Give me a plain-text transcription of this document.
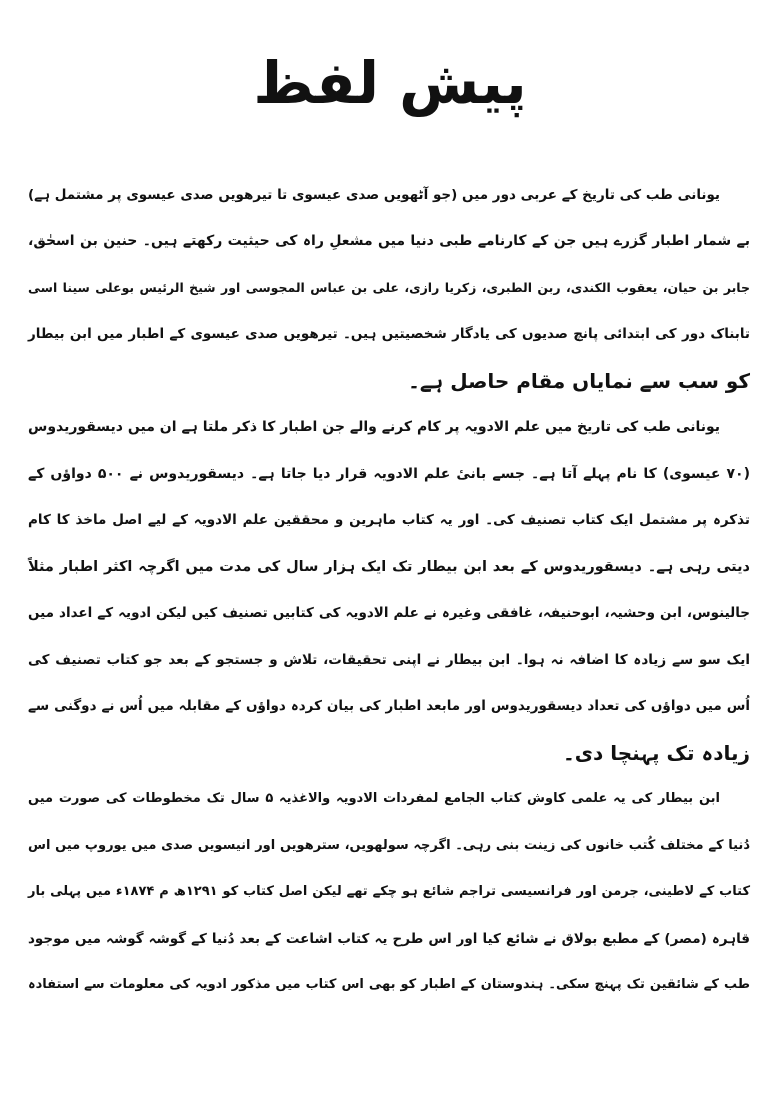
پیش لفظ
یونانی طب کی تاریخ کے عربی دور میں (جو آٹھویں صدی عیسوی تا تیرھویں صدی عیسوی پر مشتمل ہے)
بے شمار اطبار گزرے ہیں جن کے کارنامے طبی دنیا میں مشعلِ راہ کی حیثیت رکھتے ہیں۔ حنین بن اسحٰق،
جابر بن حیان، یعقوب الکندی، ربن الطبری، زکریا رازی، علی بن عباس المجوسی اور شیخ الرئیس بوعلی سینا اسی
تابناک دور کی ابتدائی پانچ صدیوں کی یادگار شخصیتیں ہیں۔ تیرھویں صدی عیسوی کے اطبار میں ابن بیطار
کو سب سے نمایاں مقام حاصل ہے۔
یونانی طب کی تاریخ میں علم الادویہ پر کام کرنے والے جن اطبار کا ذکر ملتا ہے ان میں دیسقوریدوس
(۷۰ عیسوی) کا نام پہلے آتا ہے۔ جسے بانیٔ علم الادویہ قرار دیا جاتا ہے۔ دیسقوریدوس نے ۵۰۰ دواؤں کے
تذکرہ پر مشتمل ایک کتاب تصنیف کی۔ اور یہ کتاب ماہرین و محققین علم الادویہ کے لیے اصل ماخذ کا کام
دیتی رہی ہے۔ دیسقوریدوس کے بعد ابن بیطار تک ایک ہزار سال کی مدت میں اگرچہ اکثر اطبار مثلاً
جالینوس، ابن وحشیہ، ابوحنیفہ، غافقی وغیرہ نے علم الادویہ کی کتابیں تصنیف کیں لیکن ادویہ کے اعداد میں
ایک سو سے زیادہ کا اضافہ نہ ہوا۔ ابن بیطار نے اپنی تحقیقات، تلاش و جستجو کے بعد جو کتاب تصنیف کی
اُس میں دواؤں کی تعداد دیسقوریدوس اور مابعد اطبار کی بیان کردہ دواؤں کے مقابلہ میں اُس نے دوگنی سے
زیادہ تک پہنچا دی۔
ابن بیطار کی یہ علمی کاوش کتاب الجامع لمفردات الادویہ والاغذیہ ۵ سال تک مخطوطات کی صورت میں
دُنیا کے مختلف کُتب خانوں کی زینت بنی رہی۔ اگرچہ سولھویں، سترھویں اور انیسویں صدی میں یوروپ میں اس
کتاب کے لاطینی، جرمن اور فرانسیسی تراجم شائع ہو چکے تھے لیکن اصل کتاب کو ۱۲۹۱ھ م ۱۸۷۴ء میں پہلی بار
قاہرہ (مصر) کے مطبع بولاق نے شائع کیا اور اس طرح یہ کتاب اشاعت کے بعد دُنیا کے گوشہ گوشہ میں موجود
طب کے شائقین تک پہنچ سکی۔ ہندوستان کے اطبار کو بھی اس کتاب میں مذکور ادویہ کی معلومات سے استفادہ
